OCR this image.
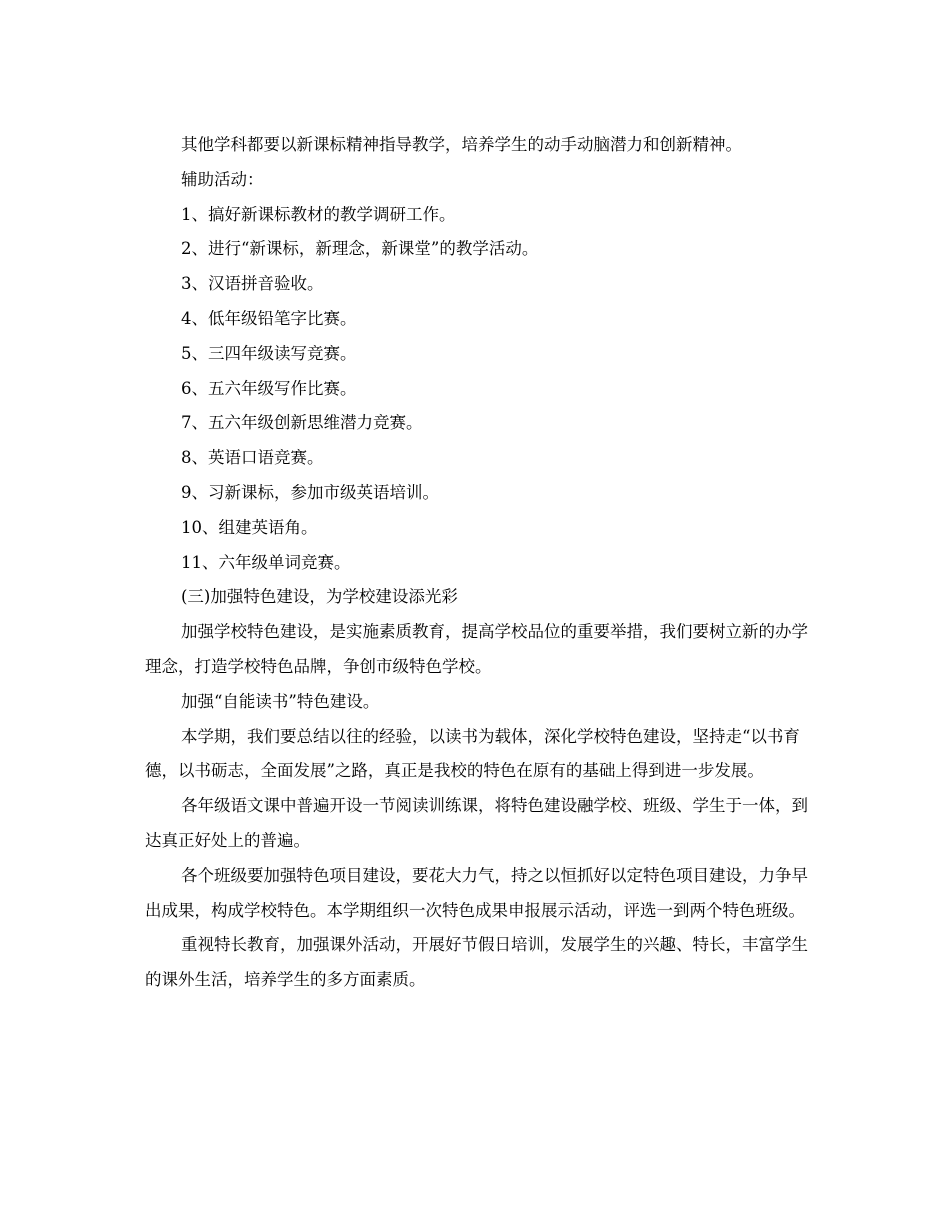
其他学科都要以新课标精神指导教学，培养学生的动手动脑潜力和创新精神。

辅助活动：

1、搞好新课标教材的教学调研工作。

2、进行“新课标，新理念，新课堂”的教学活动。

3、汉语拼音验收。

4、低年级铅笔字比赛。

5、三四年级读写竞赛。

6、五六年级写作比赛。

7、五六年级创新思维潜力竞赛。

8、英语口语竞赛。

9、习新课标，参加市级英语培训。

10、组建英语角。

11、六年级单词竞赛。

(三)加强特色建设，为学校建设添光彩

加强学校特色建设，是实施素质教育，提高学校品位的重要举措，我们要树立新的办学理念，打造学校特色品牌，争创市级特色学校。

加强“自能读书”特色建设。

本学期，我们要总结以往的经验，以读书为载体，深化学校特色建设，坚持走“以书育德，以书砺志，全面发展”之路，真正是我校的特色在原有的基础上得到进一步发展。

各年级语文课中普遍开设一节阅读训练课，将特色建设融学校、班级、学生于一体，到达真正好处上的普遍。

各个班级要加强特色项目建设，要花大力气，持之以恒抓好以定特色项目建设，力争早出成果，构成学校特色。本学期组织一次特色成果申报展示活动，评选一到两个特色班级。

重视特长教育，加强课外活动，开展好节假日培训，发展学生的兴趣、特长，丰富学生的课外生活，培养学生的多方面素质。
